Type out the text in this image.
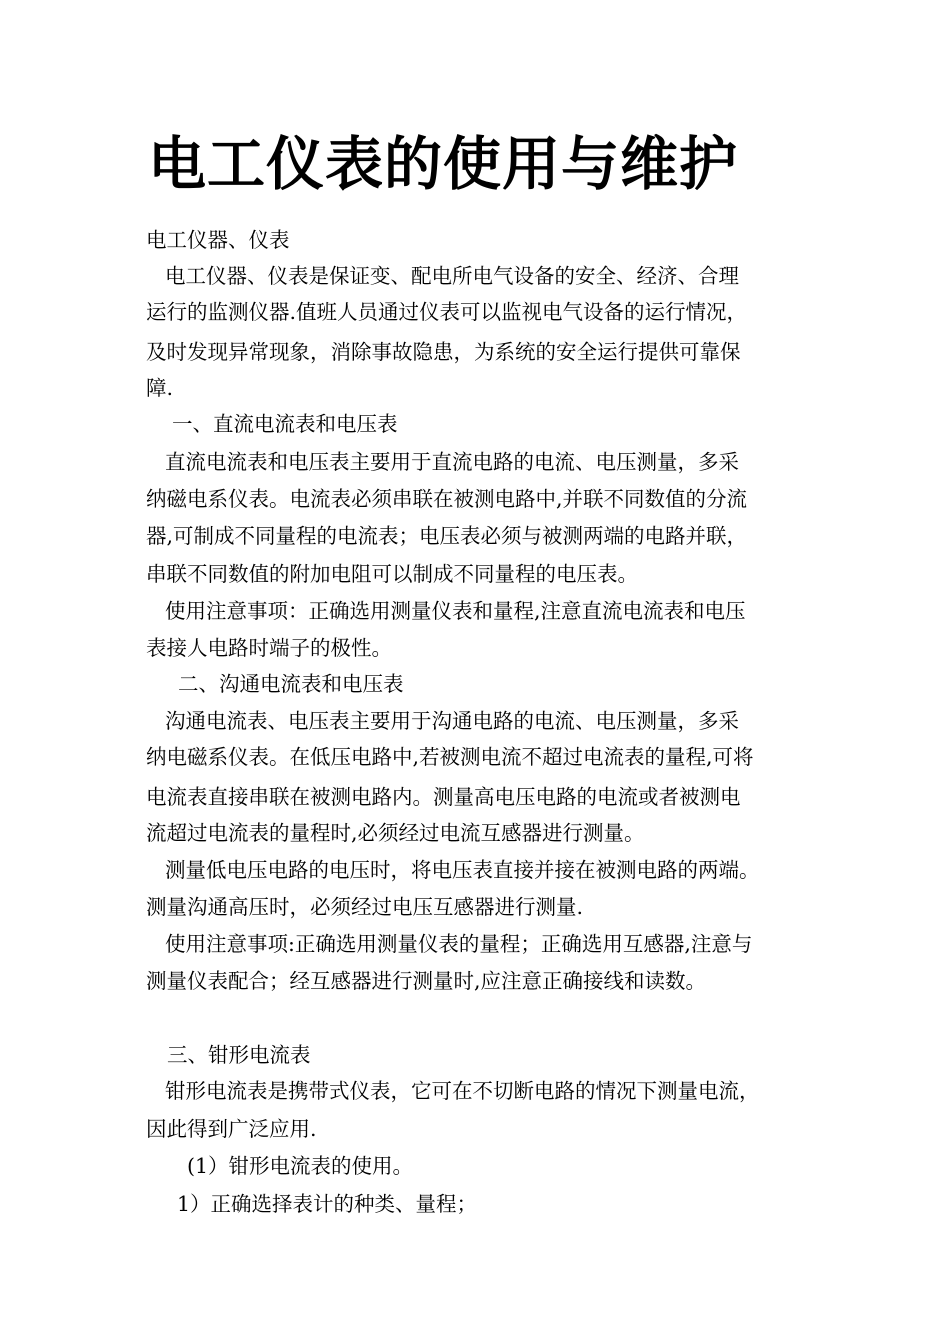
电工仪表的使用与维护

电工仪器、仪表

电工仪器、仪表是保证变、配电所电气设备的安全、经济、合理

运行的监测仪器.值班人员通过仪表可以监视电气设备的运行情况，

及时发现异常现象，消除事故隐患，为系统的安全运行提供可靠保

障.

一、直流电流表和电压表

直流电流表和电压表主要用于直流电路的电流、电压测量，多采

纳磁电系仪表。电流表必须串联在被测电路中,并联不同数值的分流

器,可制成不同量程的电流表；电压表必须与被测两端的电路并联，

串联不同数值的附加电阻可以制成不同量程的电压表。

使用注意事项：正确选用测量仪表和量程,注意直流电流表和电压

表接人电路时端子的极性。

二、沟通电流表和电压表

沟通电流表、电压表主要用于沟通电路的电流、电压测量，多采

纳电磁系仪表。在低压电路中,若被测电流不超过电流表的量程,可将

电流表直接串联在被测电路内。测量高电压电路的电流或者被测电

流超过电流表的量程时,必须经过电流互感器进行测量。

测量低电压电路的电压时，将电压表直接并接在被测电路的两端。

测量沟通高压时，必须经过电压互感器进行测量.

使用注意事项:正确选用测量仪表的量程；正确选用互感器,注意与

测量仪表配合；经互感器进行测量时,应注意正确接线和读数。

三、钳形电流表

钳形电流表是携带式仪表，它可在不切断电路的情况下测量电流，

因此得到广泛应用.

(1）钳形电流表的使用。

1）正确选择表计的种类、量程；
